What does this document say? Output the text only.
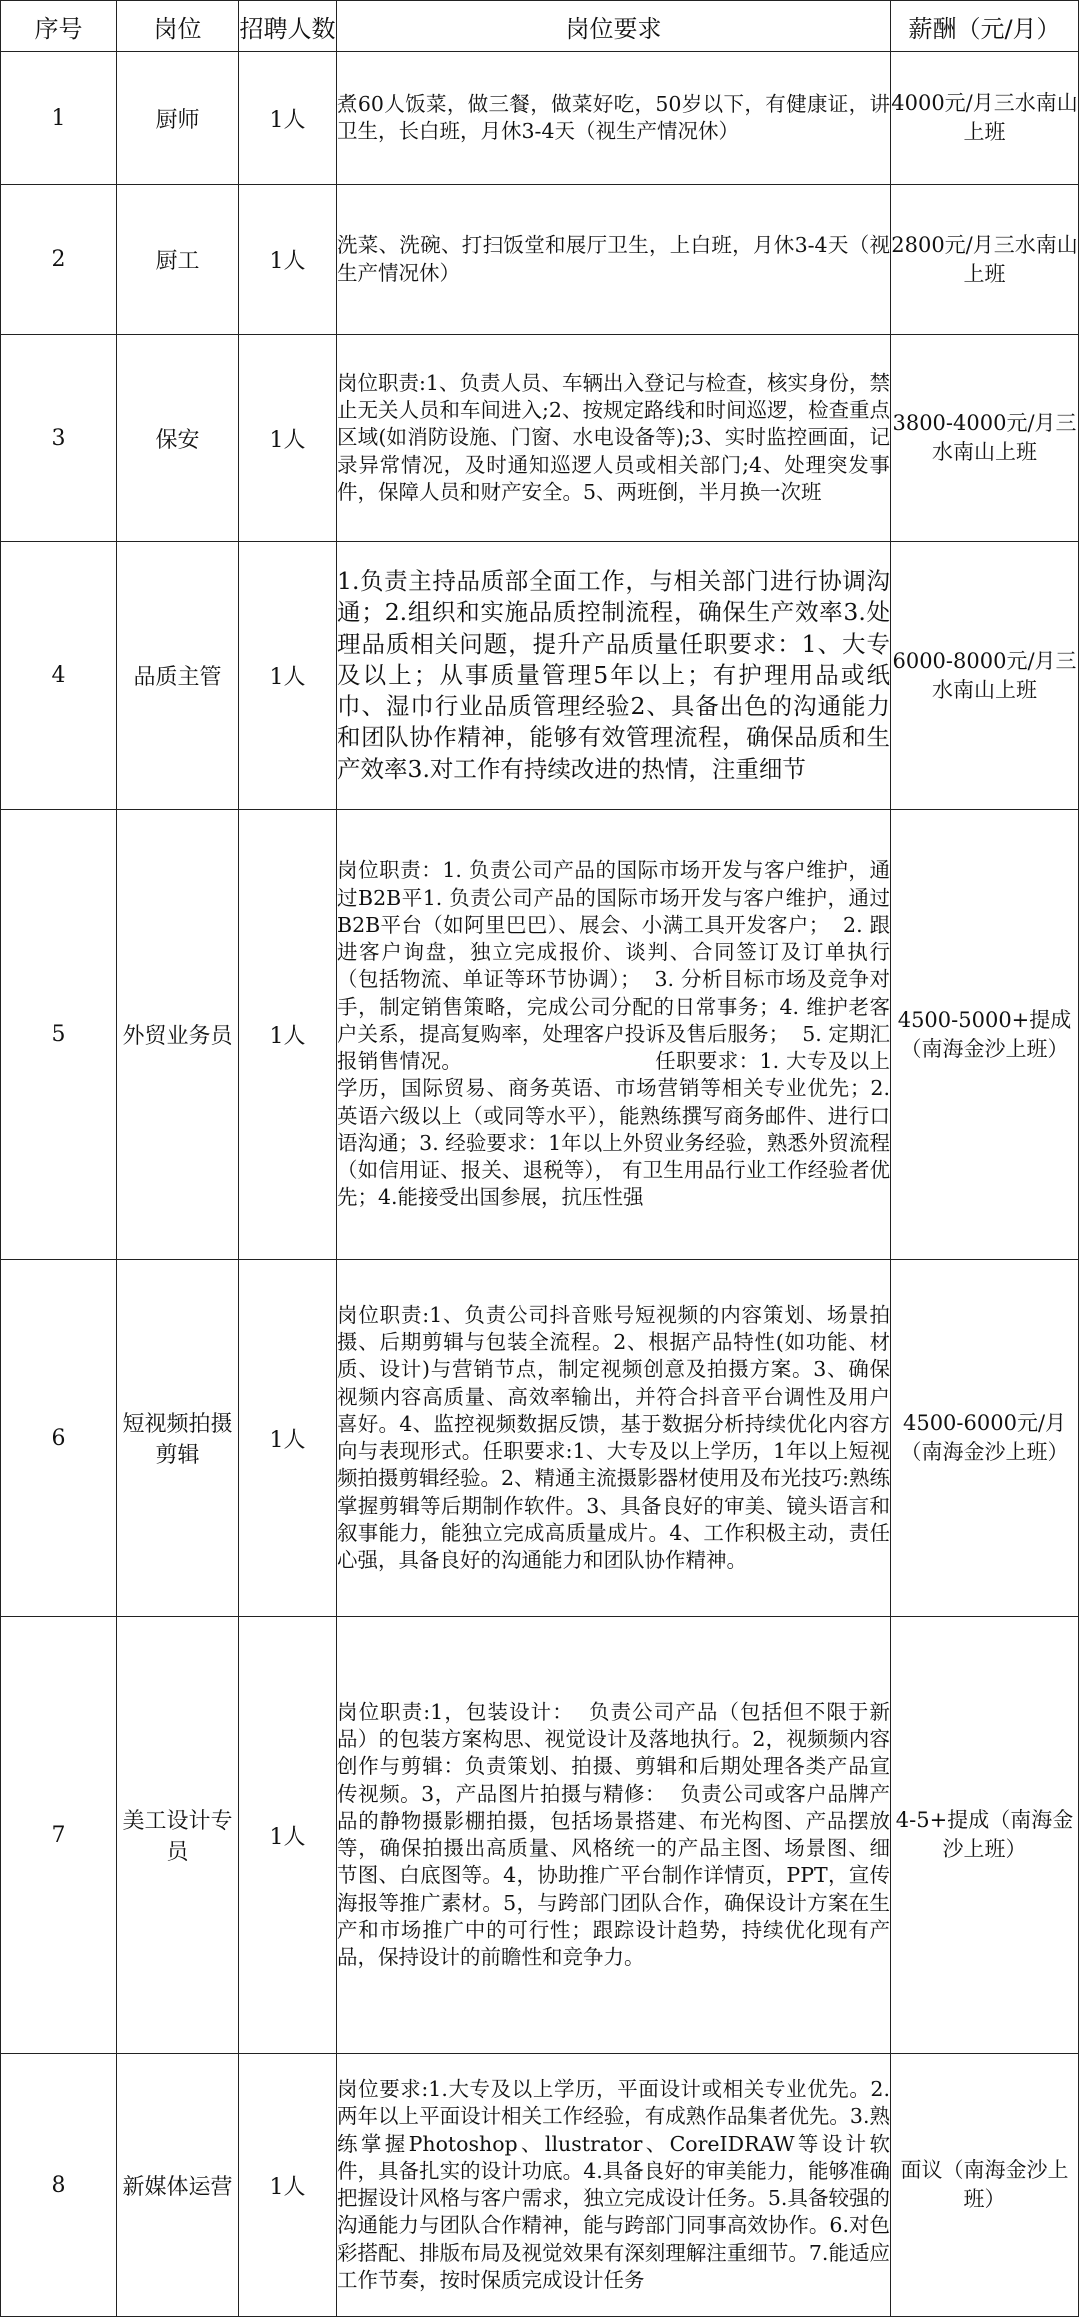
序号	岗位	招聘人数	岗位要求	薪酬（元/月）
1	厨师	1人	煮60人饭菜，做三餐，做菜好吃，50岁以下，有健康证，讲卫生，长白班，月休3-4天（视生产情况休）	4000元/月三水南山上班
2	厨工	1人	洗菜、洗碗、打扫饭堂和展厅卫生，上白班，月休3-4天（视生产情况休）	2800元/月三水南山上班
3	保安	1人	岗位职责:1、负责人员、车辆出入登记与检查，核实身份，禁止无关人员和车间进入;2、按规定路线和时间巡逻，检查重点区域(如消防设施、门窗、水电设备等);3、实时监控画面，记录异常情况，及时通知巡逻人员或相关部门;4、处理突发事件，保障人员和财产安全。5、两班倒，半月换一次班	3800-4000元/月三水南山上班
4	品质主管	1人	1.负责主持品质部全面工作，与相关部门进行协调沟通；2.组织和实施品质控制流程，确保生产效率3.处理品质相关问题，提升产品质量任职要求：1、大专及以上；从事质量管理5年以上；有护理用品或纸巾、湿巾行业品质管理经验2、具备出色的沟通能力和团队协作精神，能够有效管理流程，确保品质和生产效率3.对工作有持续改进的热情，注重细节	6000-8000元/月三水南山上班
5	外贸业务员	1人	岗位职责：1. 负责公司产品的国际市场开发与客户维护，通过B2B平1. 负责公司产品的国际市场开发与客户维护，通过B2B平台（如阿里巴巴）、展会、小满工具开发客户；  2. 跟进客户询盘，独立完成报价、谈判、合同签订及订单执行（包括物流、单证等环节协调）；  3. 分析目标市场及竞争对手，制定销售策略，完成公司分配的日常事务；4. 维护老客户关系，提高复购率，处理客户投诉及售后服务；  5. 定期汇报销售情况。                            任职要求：1. 大专及以上学历，国际贸易、商务英语、市场营销等相关专业优先；2. 英语六级以上（或同等水平），能熟练撰写商务邮件、进行口语沟通；3. 经验要求：1年以上外贸业务经验，熟悉外贸流程（如信用证、报关、退税等）， 有卫生用品行业工作经验者优先；4.能接受出国参展，抗压性强	4500-5000+提成（南海金沙上班）
6	短视频拍摄剪辑	1人	岗位职责:1、负责公司抖音账号短视频的内容策划、场景拍摄、后期剪辑与包装全流程。2、根据产品特性(如功能、材质、设计)与营销节点，制定视频创意及拍摄方案。3、确保视频内容高质量、高效率输出，并符合抖音平台调性及用户喜好。4、监控视频数据反馈，基于数据分析持续优化内容方向与表现形式。任职要求:1、大专及以上学历，1年以上短视频拍摄剪辑经验。2、精通主流摄影器材使用及布光技巧:熟练掌握剪辑等后期制作软件。3、具备良好的审美、镜头语言和叙事能力，能独立完成高质量成片。4、工作积极主动，责任心强，具备良好的沟通能力和团队协作精神。	4500-6000元/月（南海金沙上班）
7	美工设计专员	1人	岗位职责:1，包装设计：  负责公司产品（包括但不限于新品）的包装方案构思、视觉设计及落地执行。2，视频频内容创作与剪辑：负责策划、拍摄、剪辑和后期处理各类产品宣传视频。3，产品图片拍摄与精修：  负责公司或客户品牌产品的静物摄影棚拍摄，包括场景搭建、布光构图、产品摆放等，确保拍摄出高质量、风格统一的产品主图、场景图、细节图、白底图等。4，协助推广平台制作详情页，PPT，宣传海报等推广素材。5，与跨部门团队合作，确保设计方案在生产和市场推广中的可行性；跟踪设计趋势，持续优化现有产品，保持设计的前瞻性和竞争力。	4-5+提成（南海金沙上班）
8	新媒体运营	1人	岗位要求:1.大专及以上学历，平面设计或相关专业优先。2.两年以上平面设计相关工作经验，有成熟作品集者优先。3.熟练掌握Photoshop、llustrator、CoreIDRAW等设计软件，具备扎实的设计功底。4.具备良好的审美能力，能够准确把握设计风格与客户需求，独立完成设计任务。5.具备较强的沟通能力与团队合作精神，能与跨部门同事高效协作。6.对色彩搭配、排版布局及视觉效果有深刻理解注重细节。7.能适应工作节奏，按时保质完成设计任务	面议（南海金沙上班）
